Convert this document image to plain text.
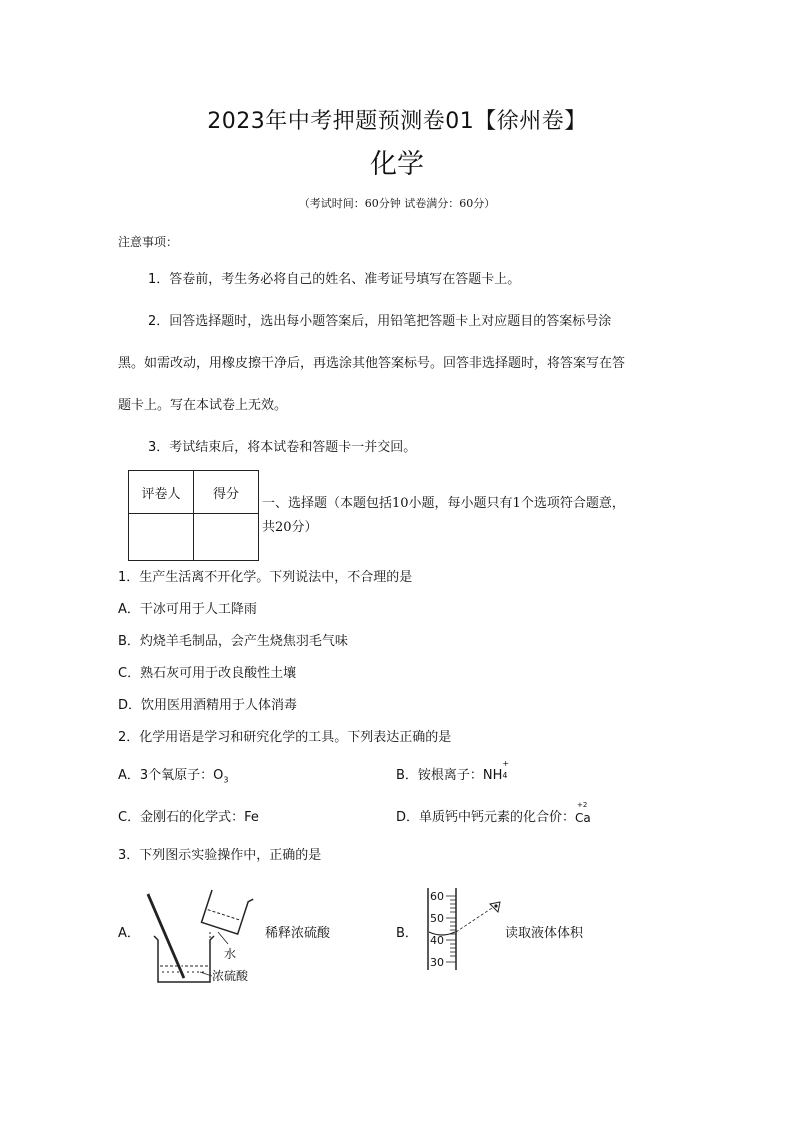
2023年中考押题预测卷01【徐州卷】
化学
（考试时间：60分钟 试卷满分：60分）
注意事项：
1．答卷前，考生务必将自己的姓名、准考证号填写在答题卡上。
2．回答选择题时，选出每小题答案后，用铅笔把答题卡上对应题目的答案标号涂
黑。如需改动，用橡皮擦干净后，再选涂其他答案标号。回答非选择题时，将答案写在答
题卡上。写在本试卷上无效。
3．考试结束后，将本试卷和答题卡一并交回。
评卷人	得分

一、选择题（本题包括10小题，每小题只有1个选项符合题意，
共20分）
1．生产生活离不开化学。下列说法中，不合理的是
A．干冰可用于人工降雨
B．灼烧羊毛制品，会产生烧焦羽毛气味
C．熟石灰可用于改良酸性土壤
D．饮用医用酒精用于人体消毒
2．化学用语是学习和研究化学的工具。下列表达正确的是
A．3个氧原子：$O_3$	B．铵根离子：NH
+
4
C．金刚石的化学式：Fe	D．单质钙中钙元素的化合价：
+2
Ca
3．下列图示实验操作中，正确的是
A．
水
浓硫酸
稀释浓硫酸	B．
60
50
40
30
读取液体体积
